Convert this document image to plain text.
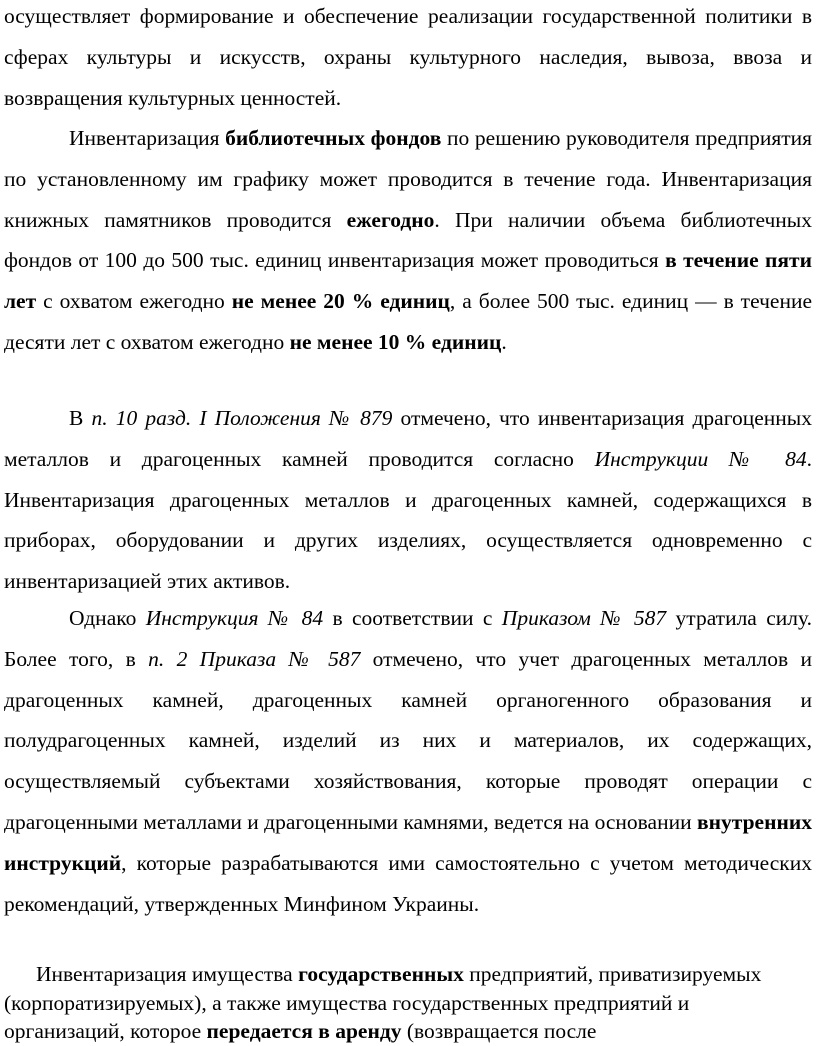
осуществляет формирование и обеспечение реализации государственной политики в сферах культуры и искусств, охраны культурного наследия, вывоза, ввоза и возвращения культурных ценностей.

Инвентаризация библиотечных фондов по решению руководителя предприятия по установленному им графику может проводится в течение года. Инвентаризация книжных памятников проводится ежегодно. При наличии объема библиотечных фондов от 100 до 500 тыс. единиц инвентаризация может проводиться в течение пяти лет с охватом ежегодно не менее 20 % единиц, а более 500 тыс. единиц — в течение десяти лет с охватом ежегодно не менее 10 % единиц.

В п. 10 разд. I Положения № 879 отмечено, что инвентаризация драгоценных металлов и драгоценных камней проводится согласно Инструкции № 84. Инвентаризация драгоценных металлов и драгоценных камней, содержащихся в приборах, оборудовании и других изделиях, осуществляется одновременно с инвентаризацией этих активов.

Однако Инструкция № 84 в соответствии с Приказом № 587 утратила силу. Более того, в п. 2 Приказа № 587 отмечено, что учет драгоценных металлов и драгоценных камней, драгоценных камней органогенного образования и полудрагоценных камней, изделий из них и материалов, их содержащих, осуществляемый субъектами хозяйствования, которые проводят операции с драгоценными металлами и драгоценными камнями, ведется на основании внутренних инструкций, которые разрабатываются ими самостоятельно с учетом методических рекомендаций, утвержденных Минфином Украины.

Инвентаризация имущества государственных предприятий, приватизируемых (корпоратизируемых), а также имущества государственных предприятий и организаций, которое передается в аренду (возвращается после
